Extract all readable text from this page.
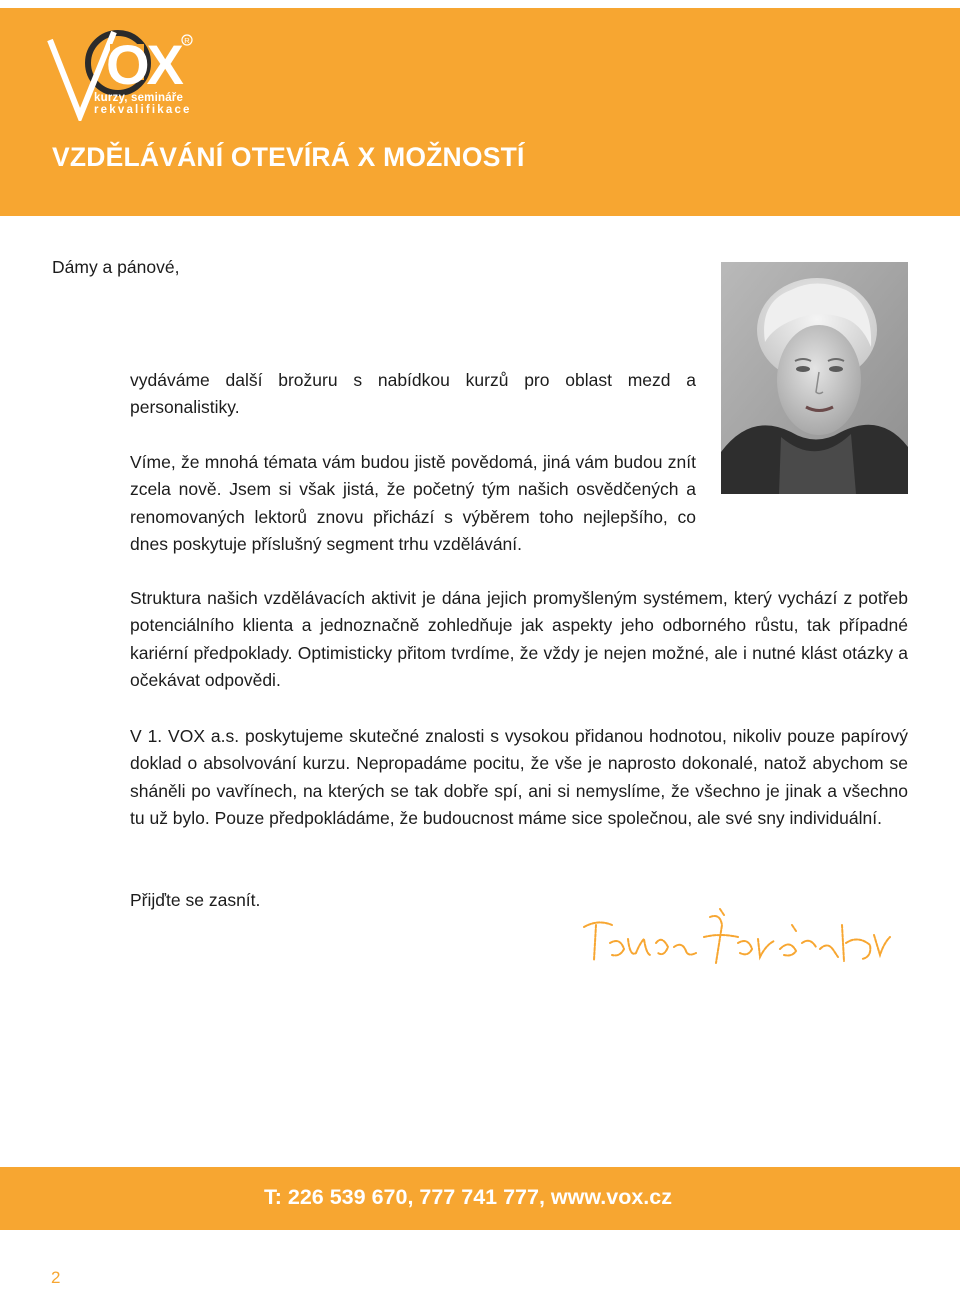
OX R
kurzy, semináře
rekvalifikace
VZDĚLÁVÁNÍ OTEVÍRÁ X MOŽNOSTÍ

Dámy a pánové,

vydáváme další brožuru s nabídkou kurzů pro oblast mezd a personalistiky.

Víme, že mnohá témata vám budou jistě povědomá, jiná vám budou znít zcela nově. Jsem si však jistá, že početný tým našich osvědčených a renomovaných lektorů znovu přichází s výběrem toho nejlepšího, co dnes poskytuje příslušný segment trhu vzdělávání.

Struktura našich vzdělávacích aktivit je dána jejich promyšleným systémem, který vychází z potřeb potenciálního klienta a jednoznačně zohledňuje jak aspekty jeho odborného růstu, tak případné kariérní předpoklady. Optimisticky přitom tvrdíme, že vždy je nejen možné, ale i nutné klást otázky a očekávat odpovědi.

V 1. VOX a.s. poskytujeme skutečné znalosti s vysokou přidanou hodnotou, nikoliv pouze papírový doklad o absolvování kurzu. Nepropadáme pocitu, že vše je naprosto dokonalé, natož abychom se sháněli po vavřínech, na kterých se tak dobře spí, ani si nemyslíme, že všechno je jinak a všechno tu už bylo. Pouze předpokládáme, že budoucnost máme sice společnou, ale své sny individuální.

Přijďte se zasnít.

T: 226 539 670, 777 741 777, www.vox.cz

2
